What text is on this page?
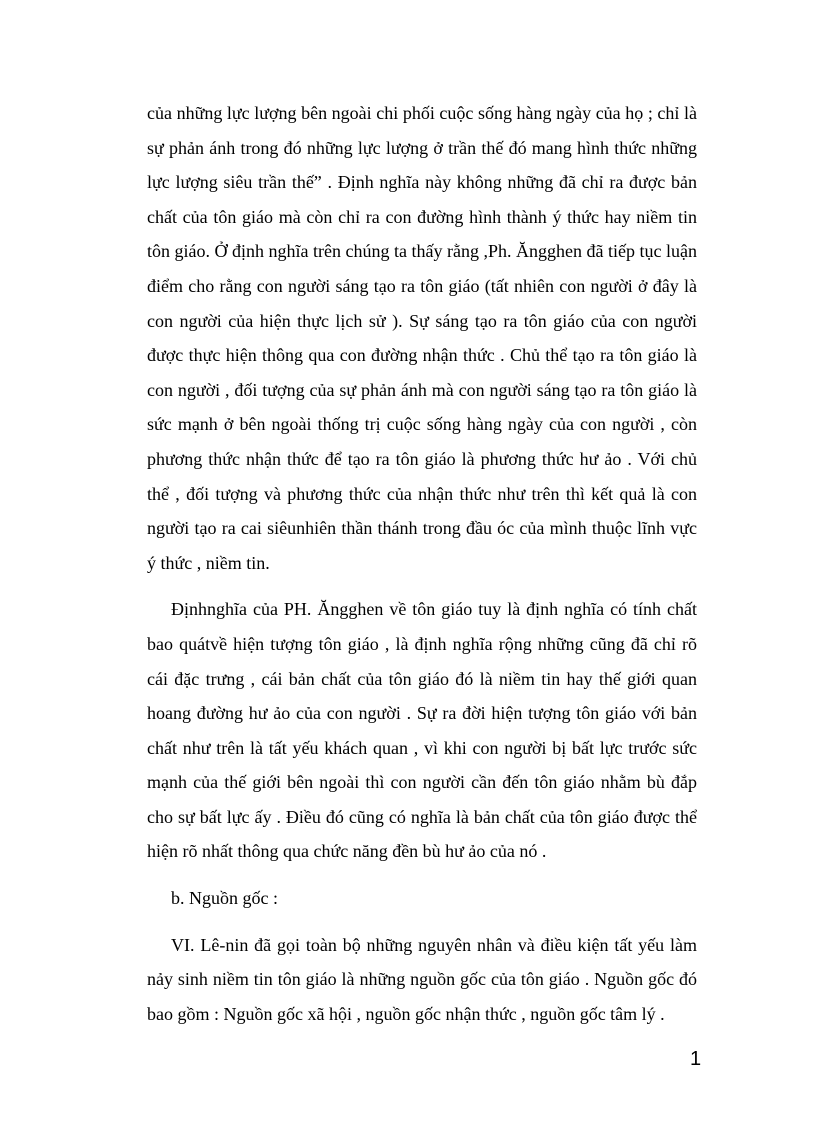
của những lực lượng bên ngoài chi phối cuộc sống hàng ngày của họ ; chỉ là sự phản ánh trong đó những lực lượng ở trần thế đó mang hình thức những lực lượng siêu trần thế” . Định nghĩa này không những đã chỉ ra được bản chất của tôn giáo mà còn chỉ ra con đường hình thành ý thức hay niềm tin tôn giáo. Ở định nghĩa trên chúng ta thấy rằng ,Ph. Ăngghen đã tiếp tục luận điểm cho rằng con người sáng tạo ra tôn giáo (tất nhiên con người ở đây là con người của hiện thực lịch sử ). Sự sáng tạo ra tôn giáo của con người được thực hiện thông qua con đường nhận thức . Chủ thể tạo ra tôn giáo là con người , đối tượng của sự phản ánh mà con người sáng tạo ra tôn giáo là sức mạnh ở bên ngoài thống trị cuộc sống hàng ngày của con người , còn phương thức nhận thức để tạo ra tôn giáo là phương thức hư ảo . Với chủ thể , đối tượng và phương thức của nhận thức như trên thì kết quả là con người tạo ra cai siêunhiên thần thánh trong đầu óc của mình thuộc lĩnh vực ý thức , niềm tin.

Địnhnghĩa của PH. Ăngghen về tôn giáo tuy là định nghĩa có tính chất bao quátvề hiện tượng tôn giáo , là định nghĩa rộng những cũng đã chỉ rõ cái đặc trưng , cái bản chất của tôn giáo đó là niềm tin hay thế giới quan hoang đường hư ảo của con người . Sự ra đời hiện tượng tôn giáo với bản chất như trên là tất yếu khách quan , vì khi con người bị bất lực trước sức mạnh của thế giới bên ngoài thì con người cần đến tôn giáo nhằm bù đắp cho sự bất lực ấy . Điều đó cũng có nghĩa là bản chất của tôn giáo được thể hiện rõ nhất thông qua chức năng đền bù hư ảo của nó .

b. Nguồn gốc :

VI. Lê-nin đã gọi toàn bộ những nguyên nhân và điều kiện tất yếu làm nảy sinh niềm tin tôn giáo là những nguồn gốc của tôn giáo . Nguồn gốc đó bao gồm : Nguồn gốc xã hội , nguồn gốc nhận thức , nguồn gốc tâm lý .

1
